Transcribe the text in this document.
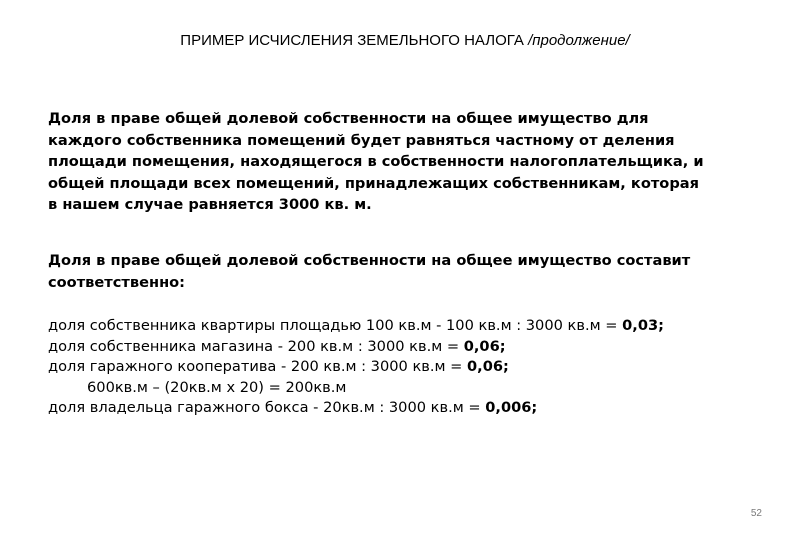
ПРИМЕР ИСЧИСЛЕНИЯ ЗЕМЕЛЬНОГО НАЛОГА /продолжение/
Доля в праве общей долевой собственности на общее имущество для
каждого собственника помещений будет равняться частному от деления
площади помещения, находящегося в собственности налогоплательщика, и
общей площади всех помещений, принадлежащих собственникам, которая
в нашем случае равняется 3000 кв. м.
Доля в праве общей долевой собственности на общее имущество составит
соответственно:
доля собственника квартиры площадью 100 кв.м - 100 кв.м : 3000 кв.м = 0,03;
доля собственника магазина - 200 кв.м : 3000 кв.м = 0,06;
доля гаражного кооператива - 200 кв.м : 3000 кв.м = 0,06;
600кв.м – (20кв.м х 20) = 200кв.м
доля владельца гаражного бокса - 20кв.м : 3000 кв.м = 0,006;
52
